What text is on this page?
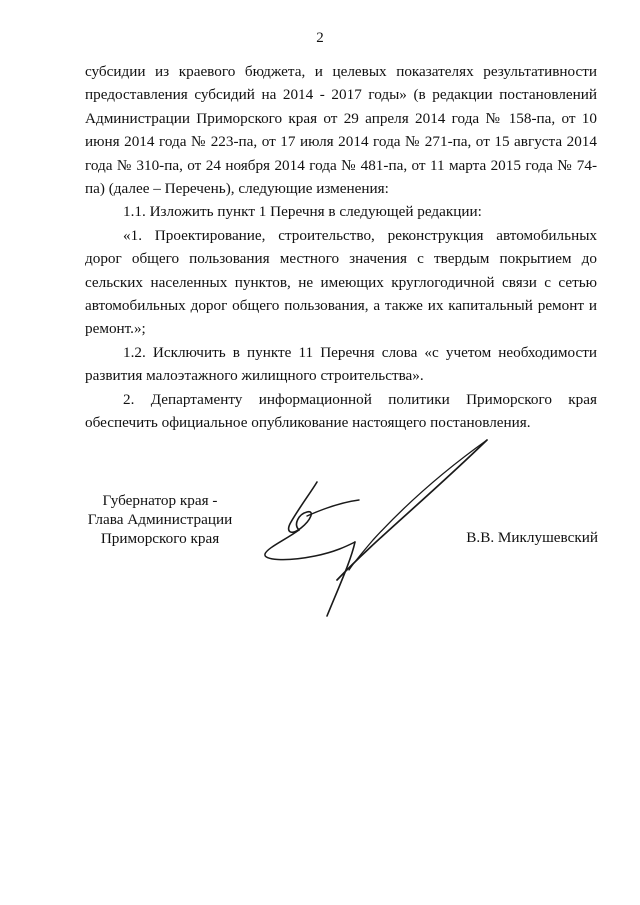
2

субсидии из краевого бюджета, и целевых показателях результативности предоставления субсидий на 2014 - 2017 годы» (в редакции постановлений Администрации Приморского края от 29 апреля 2014 года № 158-па, от 10 июня 2014 года № 223-па, от 17 июля 2014 года № 271-па, от 15 августа 2014 года № 310-па, от 24 ноября 2014 года № 481-па, от 11 марта 2015 года № 74-па) (далее – Перечень), следующие изменения:

1.1. Изложить пункт 1 Перечня в следующей редакции:

«1. Проектирование, строительство, реконструкция автомобильных дорог общего пользования местного значения с твердым покрытием до сельских населенных пунктов, не имеющих круглогодичной связи с сетью автомобильных дорог общего пользования, а также их капитальный ремонт и ремонт.»;

1.2. Исключить в пункте 11 Перечня слова «с учетом необходимости развития малоэтажного жилищного строительства».

2. Департаменту информационной политики Приморского края обеспечить официальное опубликование настоящего постановления.

Губернатор края -
Глава Администрации
Приморского края	В.В. Миклушевский
